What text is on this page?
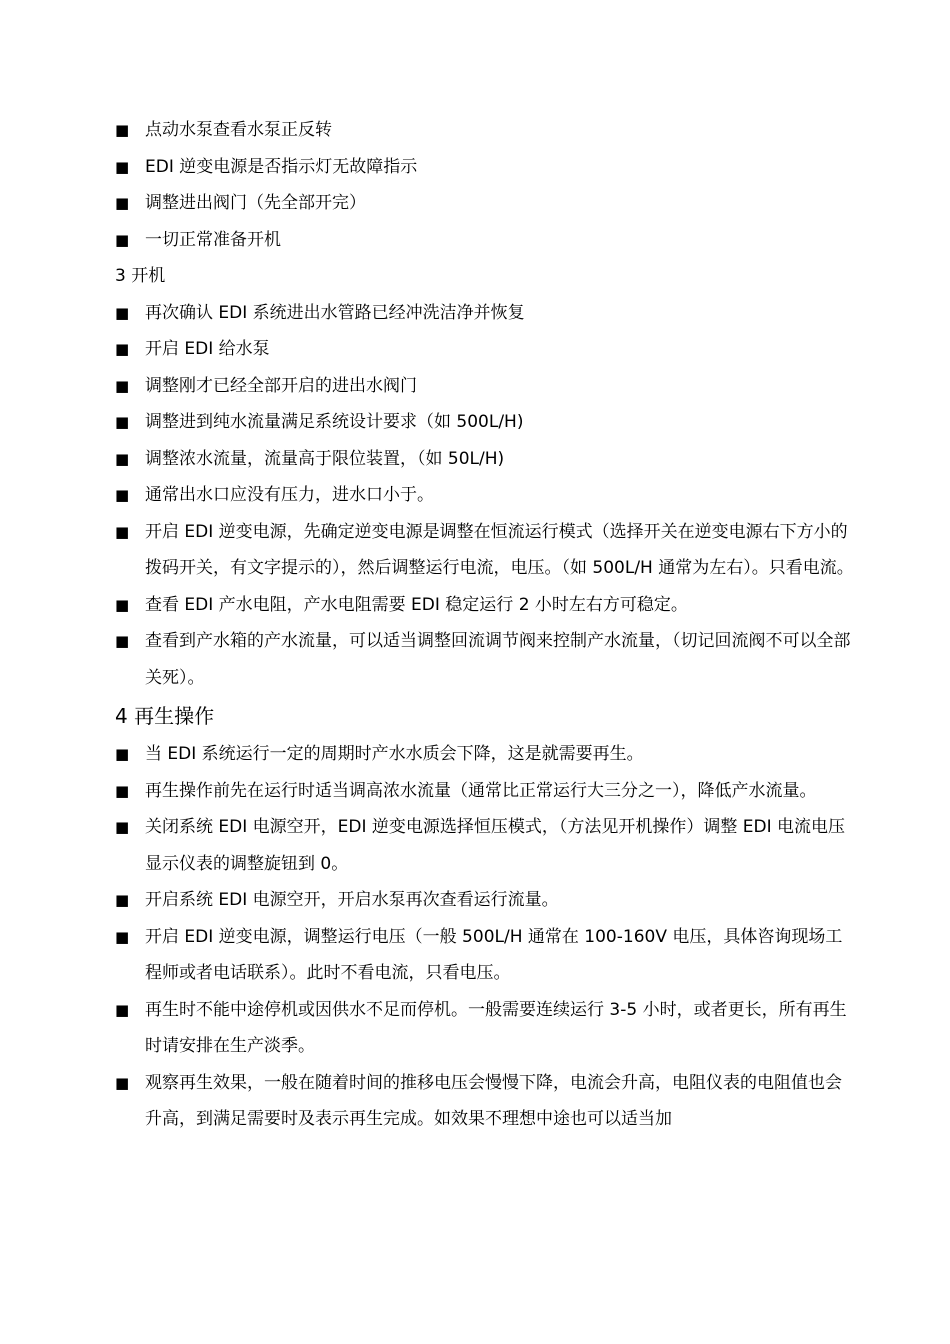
■ 点动水泵查看水泵正反转
■ EDI 逆变电源是否指示灯无故障指示
■ 调整进出阀门（先全部开完）
■ 一切正常准备开机
3 开机
■ 再次确认 EDI 系统进出水管路已经冲洗洁净并恢复
■ 开启 EDI 给水泵
■ 调整刚才已经全部开启的进出水阀门
■ 调整进到纯水流量满足系统设计要求（如 500L/H)
■ 调整浓水流量，流量高于限位装置，（如 50L/H)
■ 通常出水口应没有压力，进水口小于。
■ 开启 EDI 逆变电源，先确定逆变电源是调整在恒流运行模式（选择开关在逆变电源右下方小的拨码开关，有文字提示的），然后调整运行电流，电压。（如 500L/H 通常为左右）。只看电流。
■ 查看 EDI 产水电阻，产水电阻需要 EDI 稳定运行 2 小时左右方可稳定。
■ 查看到产水箱的产水流量，可以适当调整回流调节阀来控制产水流量，（切记回流阀不可以全部关死）。
4 再生操作
■ 当 EDI 系统运行一定的周期时产水水质会下降，这是就需要再生。
■ 再生操作前先在运行时适当调高浓水流量（通常比正常运行大三分之一），降低产水流量。
■ 关闭系统 EDI 电源空开，EDI 逆变电源选择恒压模式，（方法见开机操作）调整 EDI 电流电压显示仪表的调整旋钮到 0。
■ 开启系统 EDI 电源空开，开启水泵再次查看运行流量。
■ 开启 EDI 逆变电源，调整运行电压（一般 500L/H 通常在 100-160V 电压，具体咨询现场工程师或者电话联系）。此时不看电流，只看电压。
■ 再生时不能中途停机或因供水不足而停机。一般需要连续运行 3-5 小时，或者更长，所有再生时请安排在生产淡季。
■ 观察再生效果，一般在随着时间的推移电压会慢慢下降，电流会升高，电阻仪表的电阻值也会升高，到满足需要时及表示再生完成。如效果不理想中途也可以适当加
